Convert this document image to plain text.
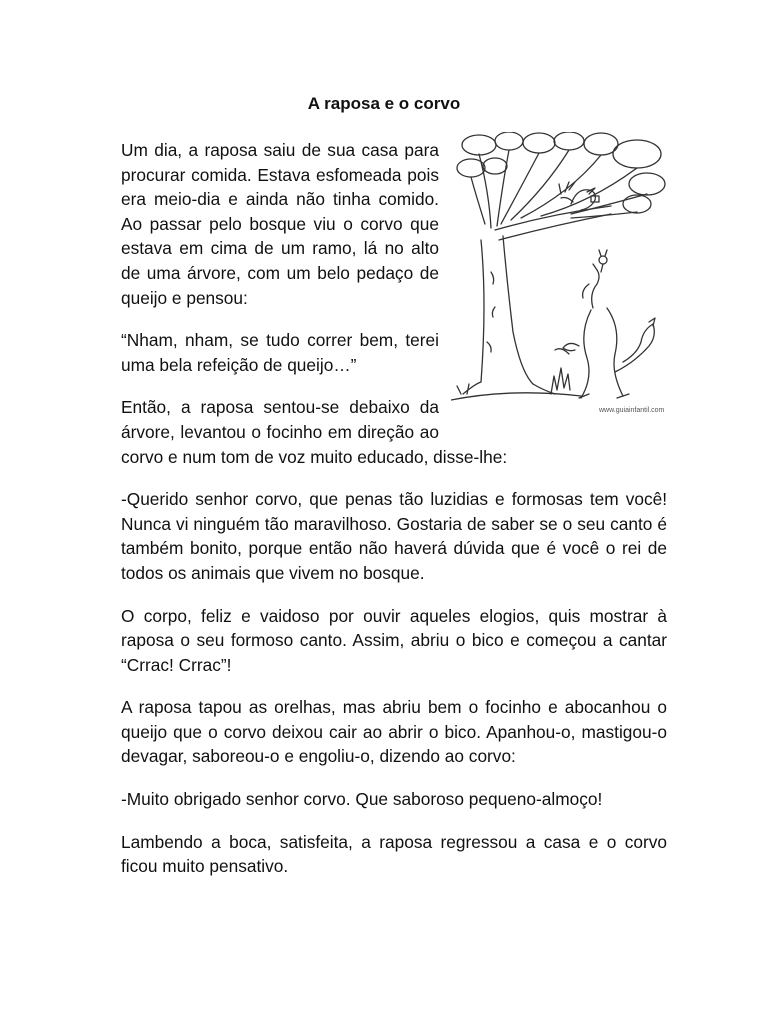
A raposa e o corvo
www.guiainfantil.com

Um dia, a raposa saiu de sua casa para procurar comida. Estava esfomeada pois era meio-dia e ainda não tinha comido. Ao passar pelo bosque viu o corvo que estava em cima de um ramo, lá no alto de uma árvore, com um belo pedaço de queijo e pensou:

“Nham, nham, se tudo correr bem, terei uma bela refeição de queijo…”

Então, a raposa sentou-se debaixo da árvore, levantou o focinho em direção ao corvo e num tom de voz muito educado, disse-lhe:

-Querido senhor corvo, que penas tão luzidias e formosas tem você! Nunca vi ninguém tão maravilhoso. Gostaria de saber se o seu canto é também bonito, porque então não haverá dúvida que é você o rei de todos os animais que vivem no bosque.

O corpo, feliz e vaidoso por ouvir aqueles elogios, quis mostrar à raposa o seu formoso canto. Assim, abriu o bico e começou a cantar “Crrac! Crrac”!

A raposa tapou as orelhas, mas abriu bem o focinho e abocanhou o queijo que o corvo deixou cair ao abrir o bico. Apanhou-o, mastigou-o devagar, saboreou-o e engoliu-o, dizendo ao corvo:

-Muito obrigado senhor corvo. Que saboroso pequeno-almoço!

Lambendo a boca, satisfeita, a raposa regressou a casa e o corvo ficou muito pensativo.
